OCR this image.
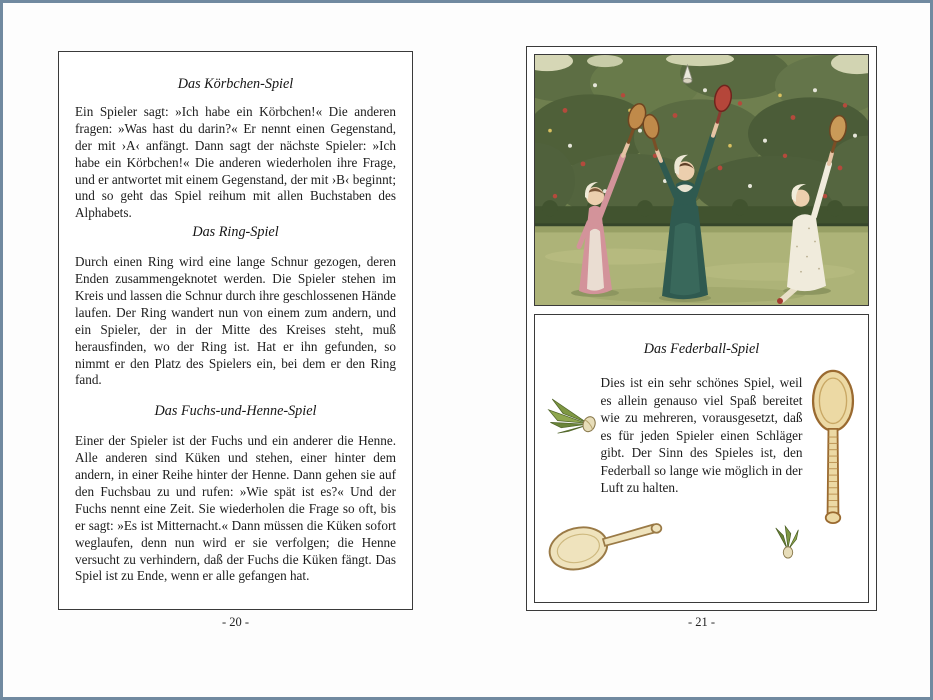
Das Körbchen-Spiel

Ein Spieler sagt: »Ich habe ein Körbchen!« Die anderen fragen: »Was hast du darin?« Er nennt einen Gegenstand, der mit ›A‹ anfängt. Dann sagt der nächste Spieler: »Ich habe ein Körbchen!« Die anderen wiederholen ihre Frage, und er antwortet mit einem Gegenstand, der mit ›B‹ beginnt; und so geht das Spiel reihum mit allen Buchstaben des Alphabets.

Das Ring-Spiel

Durch einen Ring wird eine lange Schnur gezogen, deren Enden zusammengeknotet werden. Die Spieler stehen im Kreis und lassen die Schnur durch ihre geschlossenen Hände laufen. Der Ring wandert nun von einem zum andern, und ein Spieler, der in der Mitte des Kreises steht, muß herausfinden, wo der Ring ist. Hat er ihn gefunden, so nimmt er den Platz des Spielers ein, bei dem er den Ring fand.

Das Fuchs-und-Henne-Spiel

Einer der Spieler ist der Fuchs und ein anderer die Henne. Alle anderen sind Küken und stehen, einer hinter dem andern, in einer Reihe hinter der Henne. Dann gehen sie auf den Fuchsbau zu und rufen: »Wie spät ist es?« Und der Fuchs nennt eine Zeit. Sie wiederholen die Frage so oft, bis er sagt: »Es ist Mitternacht.« Dann müssen die Küken sofort weglaufen, denn nun wird er sie verfolgen; die Henne versucht zu verhindern, daß der Fuchs die Küken fängt. Das Spiel ist zu Ende, wenn er alle gefangen hat.

- 20 -
Das Federball-Spiel

Dies ist ein sehr schönes Spiel, weil es allein genauso viel Spaß bereitet wie zu mehreren, vorausgesetzt, daß es für jeden Spieler einen Schläger gibt. Der Sinn des Spieles ist, den Federball so lange wie möglich in der Luft zu halten.

- 21 -
